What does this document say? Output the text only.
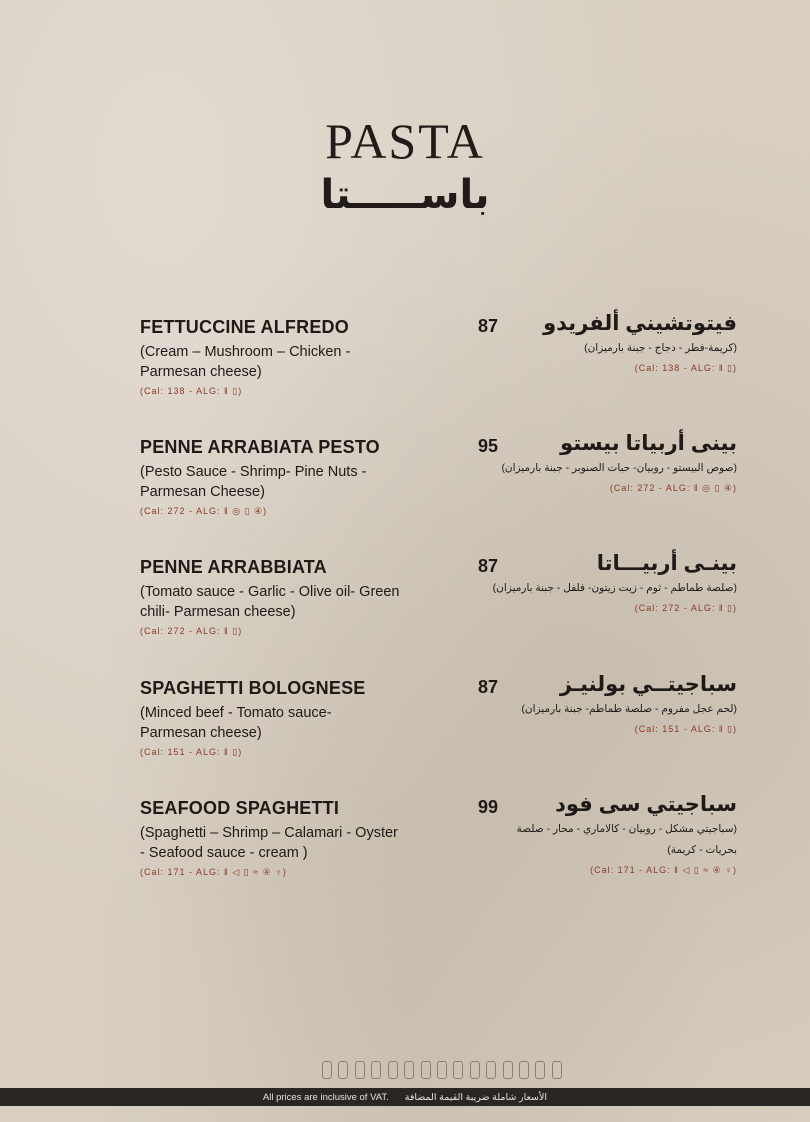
PASTA
باســـــتا
FETTUCCINE ALFREDO
(Cream – Mushroom – Chicken - Parmesan cheese)
(Cal: 138 - ALG: ‖ ▯)
87	فيتوتشيني ألفريدو
(كريمة-فطر - دجاج - جبنة بارميزان)
(Cal: 138 - ALG: ‖ ▯)
PENNE ARRABIATA PESTO
(Pesto Sauce - Shrimp- Pine Nuts - Parmesan Cheese)
(Cal: 272 - ALG: ‖ ◎ ▯ ④)
95	بينى أربياتا بيستو
(صوص البيستو - روبيان- حبات الصنوبر - جبنة بارميزان)
(Cal: 272 - ALG: ‖ ◎ ▯ ④)
PENNE ARRABBIATA
(Tomato sauce - Garlic - Olive oil- Green chili- Parmesan cheese)
(Cal: 272 - ALG: ‖ ▯)
87	بينـى أربيـــاتا
(صلصة طماطم - ثوم - زيت زيتون- فلفل - جبنة بارميزان)
(Cal: 272 - ALG: ‖ ▯)
SPAGHETTI BOLOGNESE
(Minced beef - Tomato sauce- Parmesan cheese)
(Cal: 151 - ALG: ‖ ▯)
87	سباجيتــي بولنيـز
(لحم عجل مفروم - صلصة طماطم- جبنة بارميزان)
(Cal: 151 - ALG: ‖ ▯)
SEAFOOD SPAGHETTI
(Spaghetti – Shrimp – Calamari - Oyster - Seafood sauce - cream )
(Cal: 171 - ALG: ‖ ◁ ▯ ≈ ④ ♀)
99	سباجيتي سى فود
(سباجيتي مشكل - روبيان - كالاماري - محار - صلصة بحريات - كريمة)
(Cal: 171 - ALG: ‖ ◁ ▯ ≈ ④ ♀)
All prices are inclusive of VAT. الأسعار شاملة ضريبة القيمة المضافة
